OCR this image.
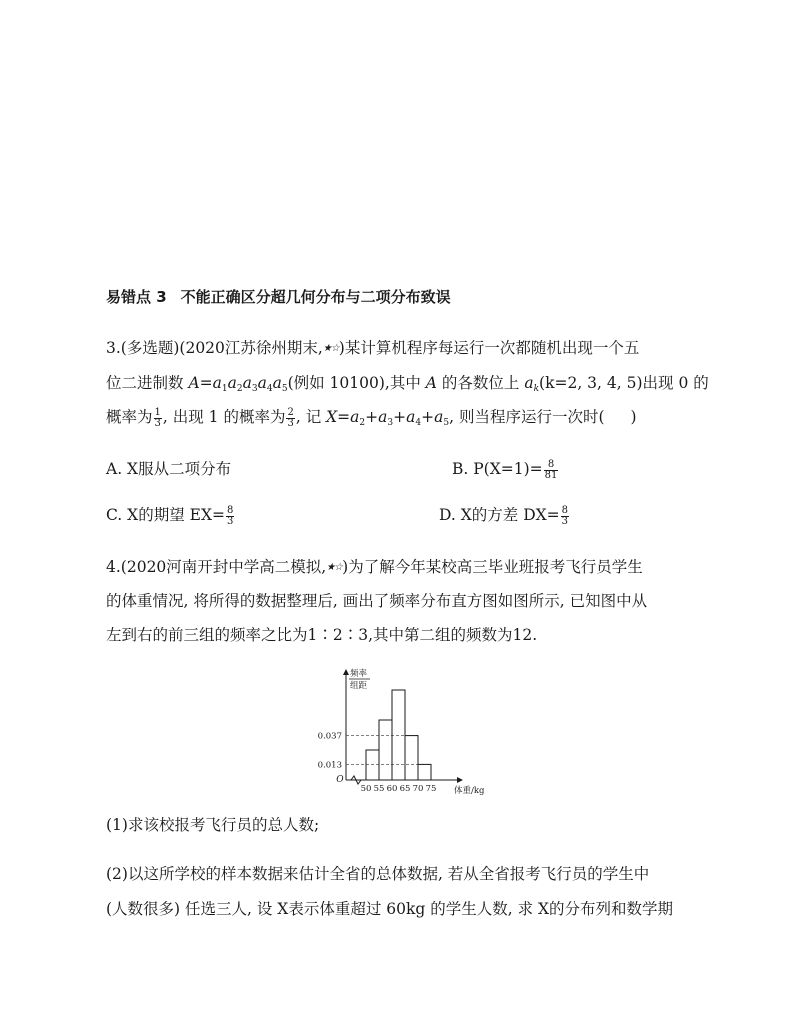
易错点 3 不能正确区分超几何分布与二项分布致误
3.(多选题)(2020江苏徐州期末,★☆)某计算机程序每运行一次都随机出现一个五
位二进制数 $A=a_1a_2a_3a_4a_5$(例如 10100),其中 A 的各数位上 $a_k(k=2$, 3, 4, 5)出现 0 的
概率为 $\frac{1}{3}$ , 出现 1 的概率为 $\frac{2}{3}$ , 记 $X=a_2+a_3+a_4+a_5$, 则当程序运行一次时( )
A. X服从二项分布	B. $P(X=1)= \frac{8}{81}$
C. X的期望 $EX= \frac{8}{3}$	D. X的方差 $DX= \frac{8}{3}$
4.(2020河南开封中学高二模拟,★☆)为了解今年某校高三毕业班报考飞行员学生
的体重情况, 将所得的数据整理后, 画出了频率分布直方图如图所示, 已知图中从
左到右的前三组的频率之比为1∶2∶3,其中第二组的频数为12.
0.013
0.037
50 55 60 65 70 75
O
频率
组距
体重/kg
(1)求该校报考飞行员的总人数;
(2)以这所学校的样本数据来估计全省的总体数据, 若从全省报考飞行员的学生中
(人数很多) 任选三人, 设 X表示体重超过 60kg 的学生人数, 求 X的分布列和数学期
